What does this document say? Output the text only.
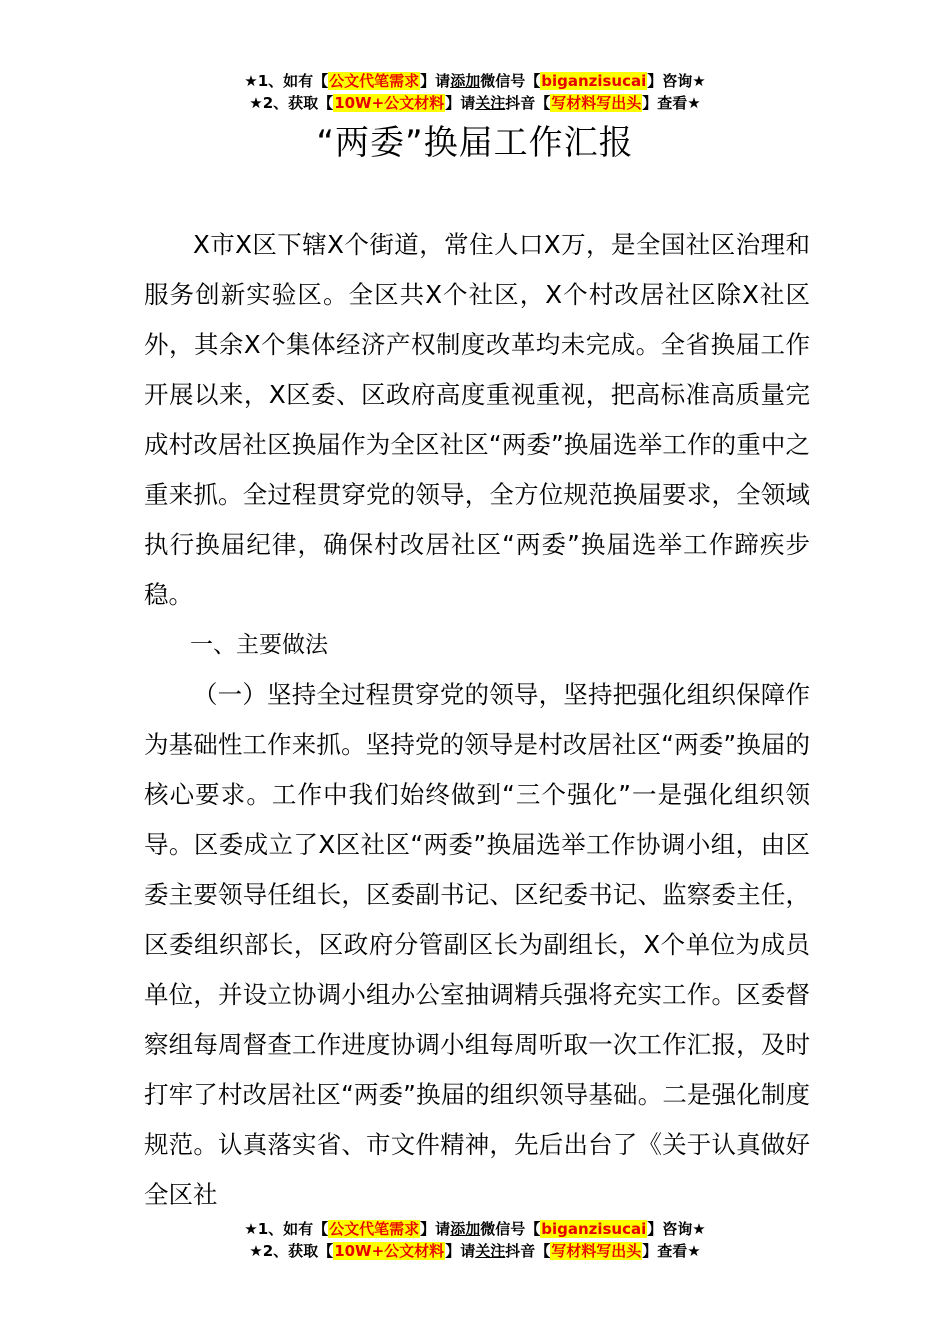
★1、如有【公文代笔需求】请添加微信号【biganzisucai】咨询★
★2、获取【10W+公文材料】请关注抖音【写材料写出头】查看★
“两委”换届工作汇报

X市X区下辖X个街道，常住人口X万，是全国社区治理和服务创新实验区。全区共X个社区，X个村改居社区除X社区外，其余X个集体经济产权制度改革均未完成。全省换届工作开展以来，X区委、区政府高度重视重视，把高标准高质量完成村改居社区换届作为全区社区“两委”换届选举工作的重中之重来抓。全过程贯穿党的领导，全方位规范换届要求，全领域执行换届纪律，确保村改居社区“两委”换届选举工作蹄疾步稳。

一、主要做法

（一）坚持全过程贯穿党的领导，坚持把强化组织保障作为基础性工作来抓。坚持党的领导是村改居社区“两委”换届的核心要求。工作中我们始终做到“三个强化”一是强化组织领导。区委成立了X区社区“两委”换届选举工作协调小组，由区委主要领导任组长，区委副书记、区纪委书记、监察委主任，区委组织部长，区政府分管副区长为副组长，X个单位为成员单位，并设立协调小组办公室抽调精兵强将充实工作。区委督察组每周督查工作进度协调小组每周听取一次工作汇报，及时打牢了村改居社区“两委”换届的组织领导基础。二是强化制度规范。认真落实省、市文件精神，先后出台了《关于认真做好全区社

★1、如有【公文代笔需求】请添加微信号【biganzisucai】咨询★
★2、获取【10W+公文材料】请关注抖音【写材料写出头】查看★
